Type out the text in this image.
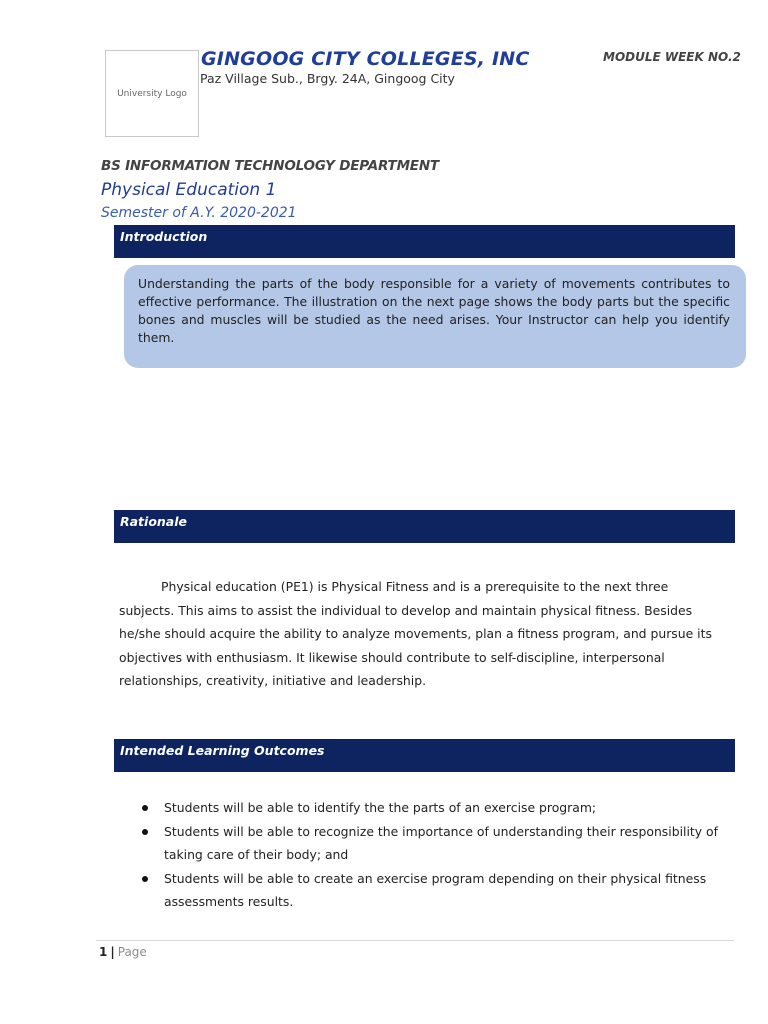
University Logo
GINGOOG CITY COLLEGES, INC
Paz Village Sub., Brgy. 24A, Gingoog City
MODULE WEEK NO.2
BS INFORMATION TECHNOLOGY DEPARTMENT
Physical Education 1
Semester of A.Y. 2020-2021
Introduction
Understanding the parts of the body responsible for a variety of movements contributes to effective performance. The illustration on the next page shows the body parts but the specific bones and muscles will be studied as the need arises. Your Instructor can help you identify them.
Rationale
Physical education (PE1) is Physical Fitness and is a prerequisite to the next three subjects. This aims to assist the individual to develop and maintain physical fitness. Besides he/she should acquire the ability to analyze movements, plan a fitness program, and pursue its objectives with enthusiasm. It likewise should contribute to self-discipline, interpersonal relationships, creativity, initiative and leadership.
Intended Learning Outcomes
Students will be able to identify the the parts of an exercise program;
Students will be able to recognize the importance of understanding their responsibility of taking care of their body; and
Students will be able to create an exercise program depending on their physical fitness assessments results.
1 | Page
